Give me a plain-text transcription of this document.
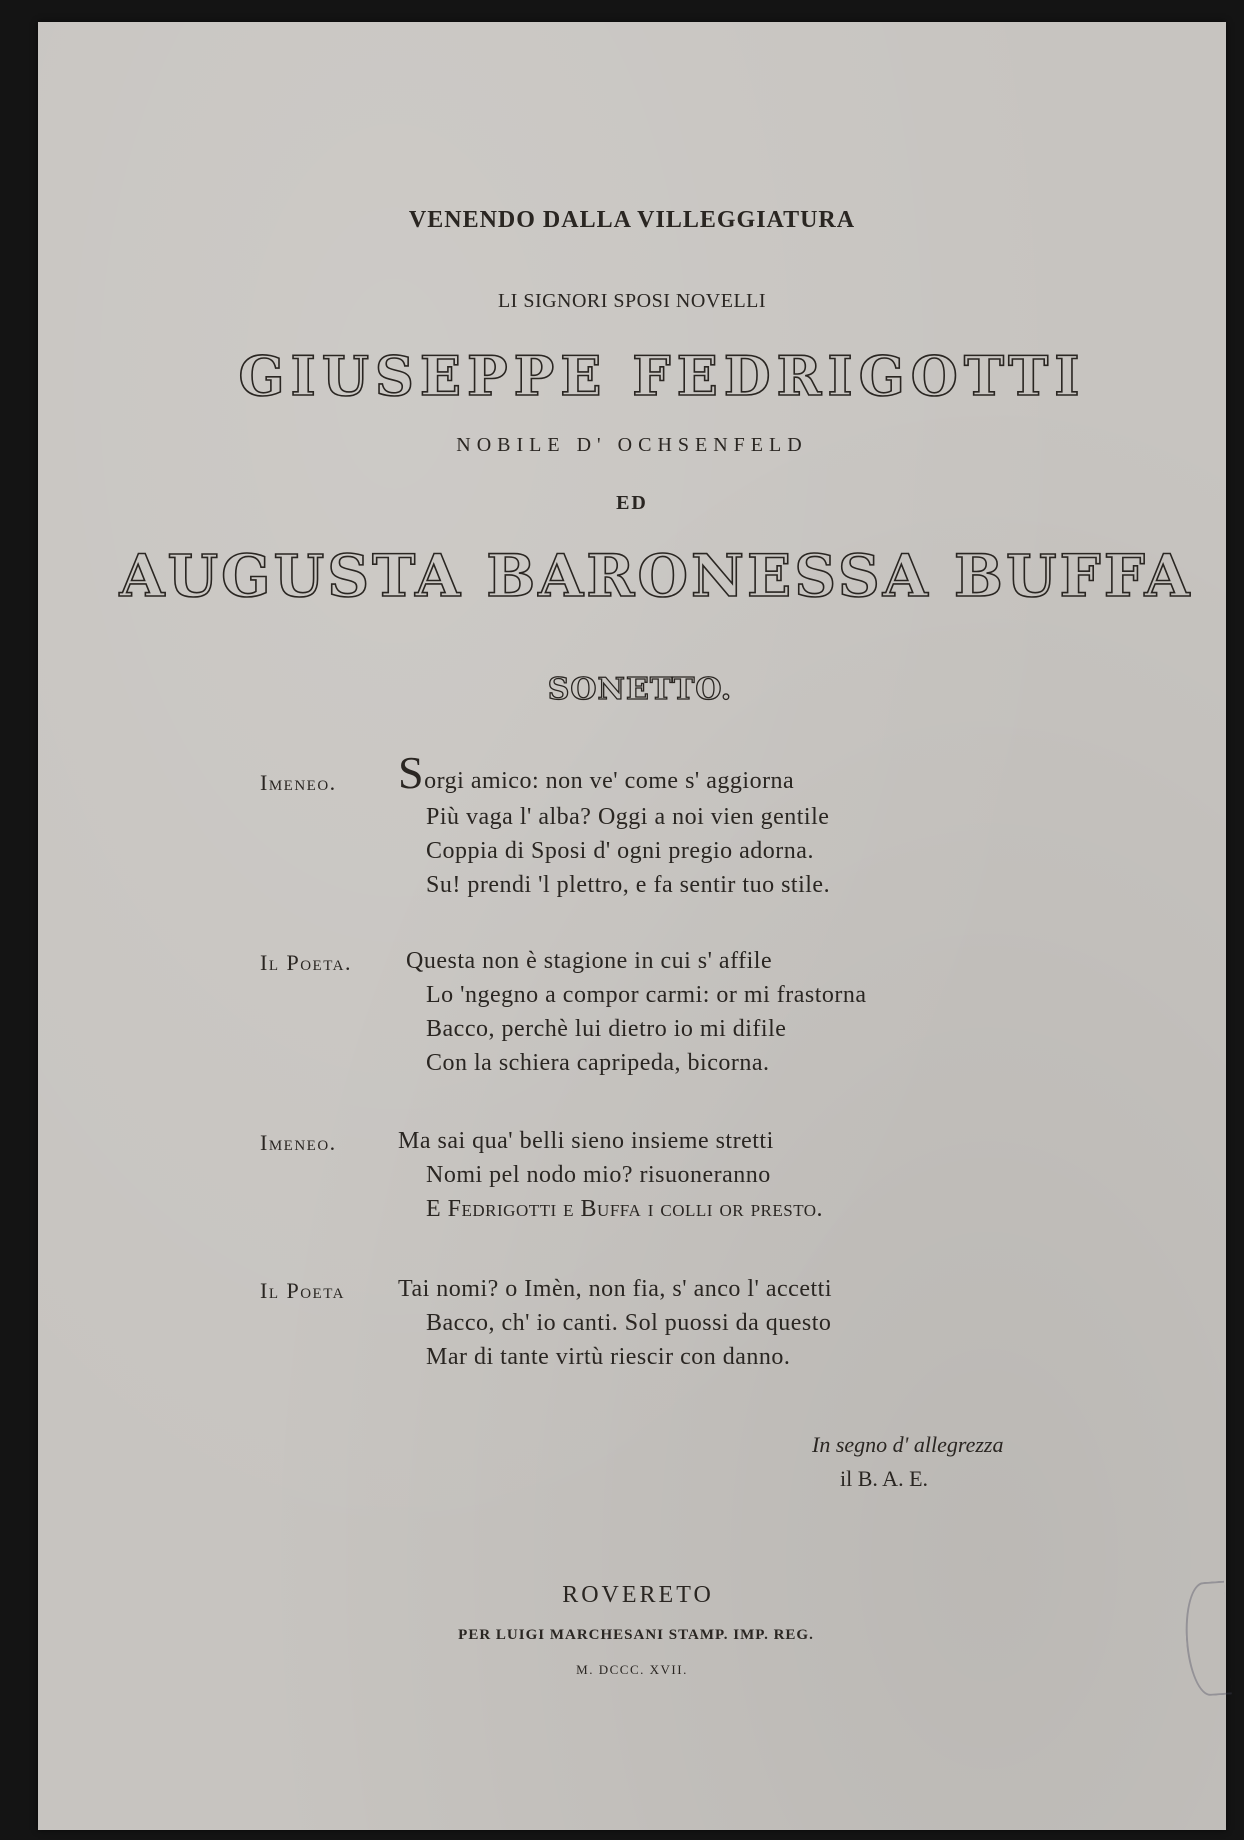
VENENDO DALLA VILLEGGIATURA
LI SIGNORI SPOSI NOVELLI
GIUSEPPE FEDRIGOTTI
NOBILE D' OCHSENFELD
ED
AUGUSTA BARONESSA BUFFA
SONETTO.
Imeneo. Sorgi amico: non ve' come s' aggiorna
Più vaga l' alba? Oggi a noi vien gentile
Coppia di Sposi d' ogni pregio adorna.
Su! prendi 'l plettro, e fa sentir tuo stile.
Il Poeta. Questa non è stagione in cui s' affile
Lo 'ngegno a compor carmi: or mi frastorna
Bacco, perchè lui dietro io mi difile
Con la schiera capripeda, bicorna.
Imeneo.	Ma sai qua' belli sieno insieme stretti
Nomi pel nodo mio? risuoneranno
E Fedrigotti e Buffa i colli or presto.
Il Poeta Tai nomi? o Imèn, non fia, s' anco l' accetti
Bacco, ch' io canti. Sol puossi da questo
Mar di tante virtù riescir con danno.
In segno d' allegrezza
il B. A. E.
ROVERETO
PER LUIGI MARCHESANI STAMP. IMP. REG.
M. DCCC. XVII.
